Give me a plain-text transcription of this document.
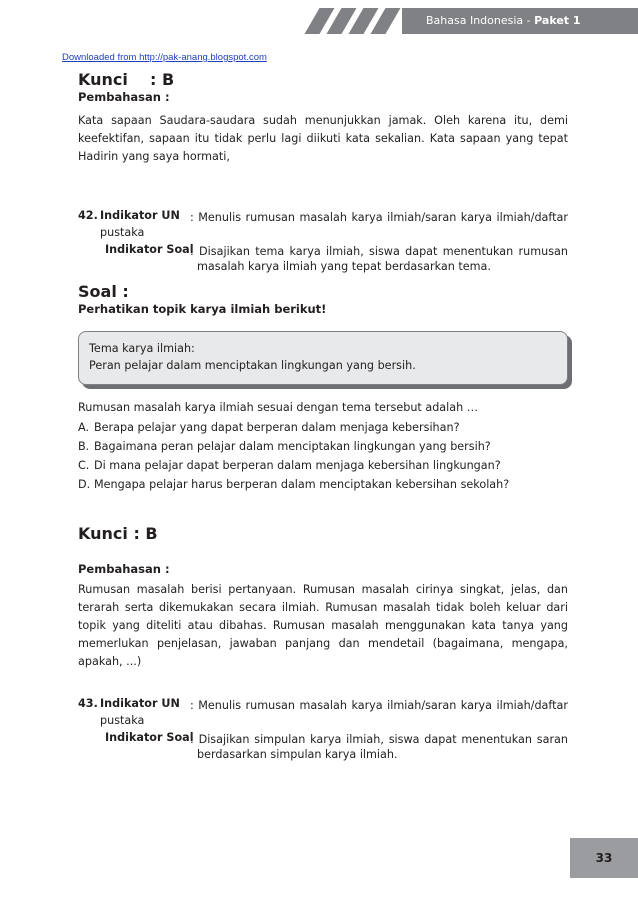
Bahasa Indonesia - Paket 1
Downloaded from http://pak-anang.blogspot.com
Kunci : B
Pembahasan :
Kata sapaan Saudara-saudara sudah menunjukkan jamak. Oleh karena itu, demi keefektifan, sapaan itu tidak perlu lagi diikuti kata sekalian. Kata sapaan yang tepat Hadirin yang saya hormati,
42. Indikator UN : Menulis rumusan masalah karya ilmiah/saran karya ilmiah/daftar
pustaka
Indikator Soal
: Disajikan tema karya ilmiah, siswa dapat menentukan rumusan
masalah karya ilmiah yang tepat berdasarkan tema.
Soal :
Perhatikan topik karya ilmiah berikut!
Tema karya ilmiah:
Peran pelajar dalam menciptakan lingkungan yang bersih.
Rumusan masalah karya ilmiah sesuai dengan tema tersebut adalah …
A. Berapa pelajar yang dapat berperan dalam menjaga kebersihan?
B. Bagaimana peran pelajar dalam menciptakan lingkungan yang bersih?
C. Di mana pelajar dapat berperan dalam menjaga kebersihan lingkungan?
D. Mengapa pelajar harus berperan dalam menciptakan kebersihan sekolah?
Kunci : B
Pembahasan :
Rumusan masalah berisi pertanyaan. Rumusan masalah cirinya singkat, jelas, dan terarah serta dikemukakan secara ilmiah. Rumusan masalah tidak boleh keluar dari topik yang diteliti atau dibahas. Rumusan masalah menggunakan kata tanya yang memerlukan penjelasan, jawaban panjang dan mendetail (bagaimana, mengapa, apakah, ...)
43. Indikator UN : Menulis rumusan masalah karya ilmiah/saran karya ilmiah/daftar
pustaka
Indikator Soal
: Disajikan simpulan karya ilmiah, siswa dapat menentukan saran
berdasarkan simpulan karya ilmiah.
33
